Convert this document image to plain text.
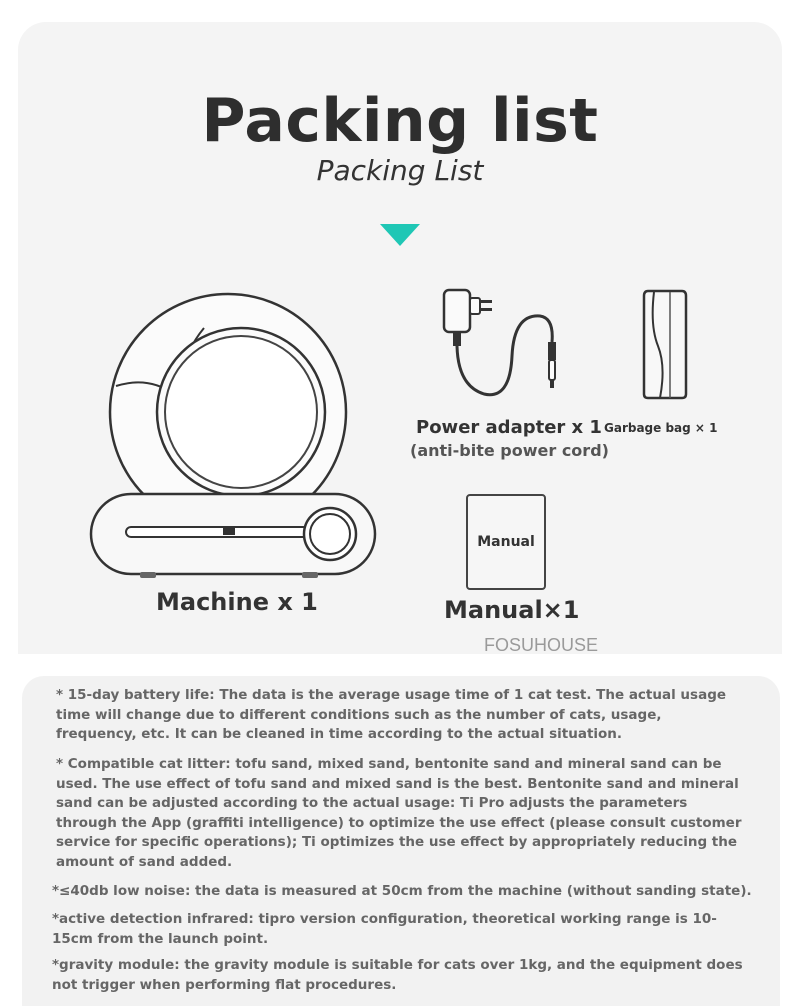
Packing list
Packing List
Machine x 1
Power adapter x 1
(anti-bite power cord)
Garbage bag × 1
Manual
Manual×1
FOSUHOUSE

* 15-day battery life: The data is the average usage time of 1 cat test. The actual usage time will change due to different conditions such as the number of cats, usage, frequency, etc. It can be cleaned in time according to the actual situation.

* Compatible cat litter: tofu sand, mixed sand, bentonite sand and mineral sand can be used. The use effect of tofu sand and mixed sand is the best. Bentonite sand and mineral sand can be adjusted according to the actual usage: Ti Pro adjusts the parameters through the App (graffiti intelligence) to optimize the use effect (please consult customer service for specific operations); Ti optimizes the use effect by appropriately reducing the amount of sand added.

*≤40db low noise: the data is measured at 50cm from the machine (without sanding state).

*active detection infrared: tipro version configuration, theoretical working range is 10-15cm from the launch point.

*gravity module: the gravity module is suitable for cats over 1kg, and the equipment does not trigger when performing flat procedures.
